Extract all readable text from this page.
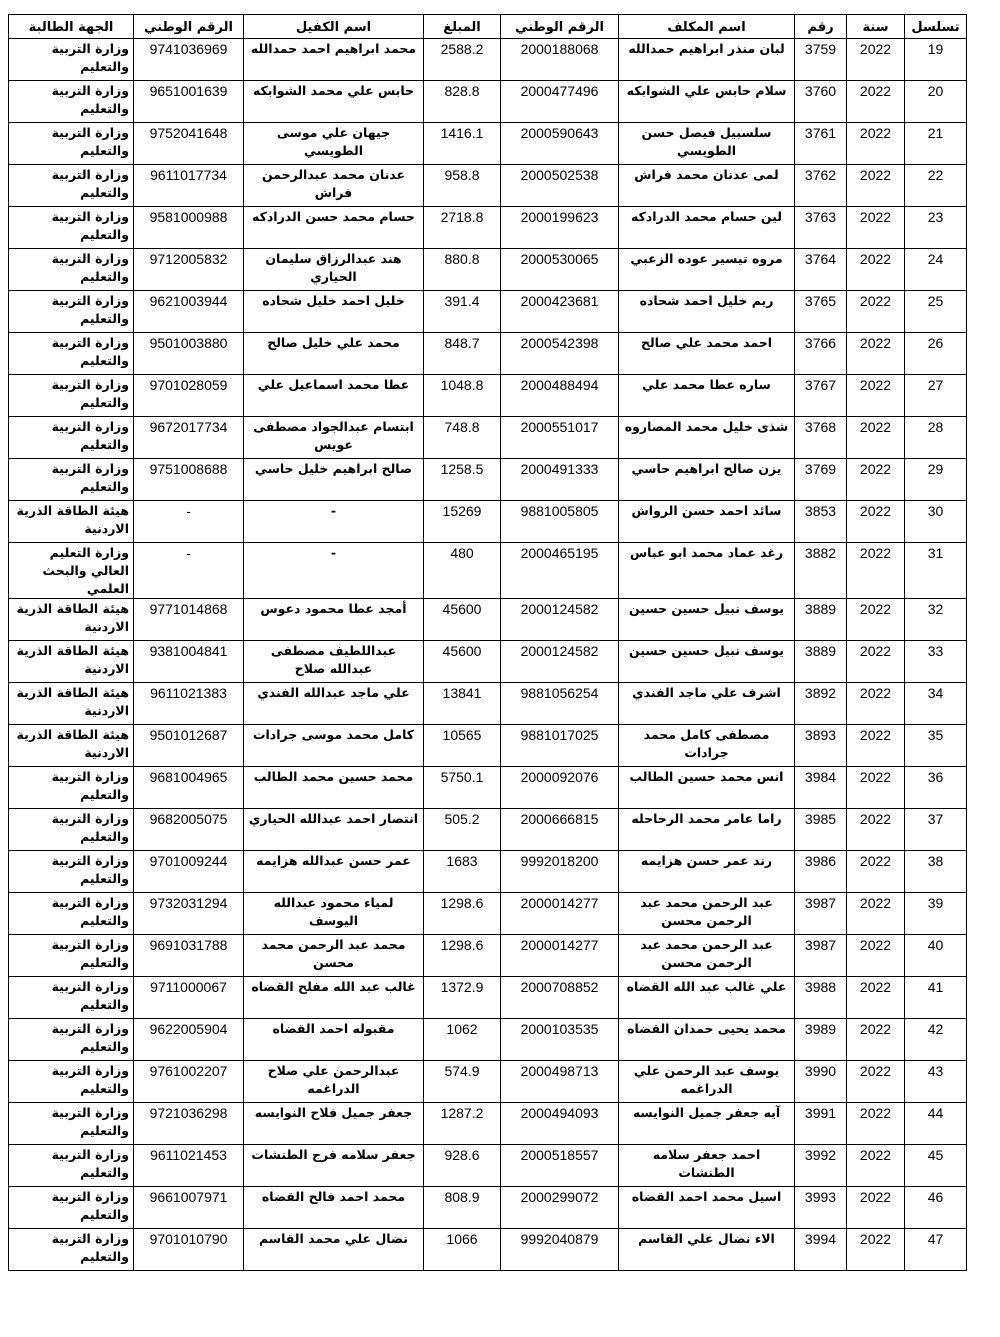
تسلسل	سنة	رقم	اسم المكلف	الرقم الوطني	المبلغ	اسم الكفيل	الرقم الوطني	الجهة الطالبة
19	2022	3759	لبان منذر ابراهيم حمدالله	2000188068	2588.2	محمد ابراهيم احمد حمدالله	9741036969	وزارة التربية والتعليم
20	2022	3760	سلام حابس علي الشوابكه	2000477496	828.8	حابس علي محمد الشوابكه	9651001639	وزارة التربية والتعليم
21	2022	3761	سلسبيل فيصل حسن الطويسي	2000590643	1416.1	جيهان علي موسى الطويسي	9752041648	وزارة التربية والتعليم
22	2022	3762	لمى عدنان محمد فراش	2000502538	958.8	عدنان محمد عبدالرحمن فراش	9611017734	وزارة التربية والتعليم
23	2022	3763	لين حسام محمد الدرادكه	2000199623	2718.8	حسام محمد حسن الدرادكه	9581000988	وزارة التربية والتعليم
24	2022	3764	مروه تيسير عوده الزعبي	2000530065	880.8	هند عبدالرزاق سليمان الحياري	9712005832	وزارة التربية والتعليم
25	2022	3765	ريم خليل احمد شحاده	2000423681	391.4	خليل احمد خليل شحاده	9621003944	وزارة التربية والتعليم
26	2022	3766	احمد محمد علي صالح	2000542398	848.7	محمد علي خليل صالح	9501003880	وزارة التربية والتعليم
27	2022	3767	ساره عطا محمد علي	2000488494	1048.8	عطا محمد اسماعيل علي	9701028059	وزارة التربية والتعليم
28	2022	3768	شذى خليل محمد المصاروه	2000551017	748.8	ابتسام عبدالجواد مصطفى عويس	9672017734	وزارة التربية والتعليم
29	2022	3769	يزن صالح ابراهيم حاسي	2000491333	1258.5	صالح ابراهيم خليل حاسي	9751008688	وزارة التربية والتعليم
30	2022	3853	سائد احمد حسن الرواش	9881005805	15269	-	-	هيئة الطاقة الذرية الاردنية
31	2022	3882	رغد عماد محمد ابو عباس	2000465195	480	-	-	وزارة التعليم العالي والبحث العلمي
32	2022	3889	يوسف نبيل حسين حسين	2000124582	45600	أمجد عطا محمود دعوس	9771014868	هيئة الطاقة الذرية الاردنية
33	2022	3889	يوسف نبيل حسين حسين	2000124582	45600	عبداللطيف مصطفى عبدالله صلاح	9381004841	هيئة الطاقة الذرية الاردنية
34	2022	3892	اشرف علي ماجد الفندي	9881056254	13841	علي ماجد عبدالله الفندي	9611021383	هيئة الطاقة الذرية الاردنية
35	2022	3893	مصطفى كامل محمد جرادات	9881017025	10565	كامل محمد موسى جرادات	9501012687	هيئة الطاقة الذرية الاردنية
36	2022	3984	انس محمد حسين الطالب	2000092076	5750.1	محمد حسين محمد الطالب	9681004965	وزارة التربية والتعليم
37	2022	3985	راما عامر محمد الرحاحله	2000666815	505.2	انتصار احمد عبدالله الحياري	9682005075	وزارة التربية والتعليم
38	2022	3986	رند عمر حسن هزايمه	9992018200	1683	عمر حسن عبدالله هزايمه	9701009244	وزارة التربية والتعليم
39	2022	3987	عبد الرحمن محمد عبد الرحمن محسن	2000014277	1298.6	لمياء محمود عبدالله اليوسف	9732031294	وزارة التربية والتعليم
40	2022	3987	عبد الرحمن محمد عبد الرحمن محسن	2000014277	1298.6	محمد عبد الرحمن محمد محسن	9691031788	وزارة التربية والتعليم
41	2022	3988	علي غالب عبد الله القضاه	2000708852	1372.9	غالب عبد الله مفلح القضاه	9711000067	وزارة التربية والتعليم
42	2022	3989	محمد يحيى حمدان القضاه	2000103535	1062	مقبوله احمد القضاه	9622005904	وزارة التربية والتعليم
43	2022	3990	يوسف عبد الرحمن علي الدراغمه	2000498713	574.9	عبدالرحمن علي صلاح الدراغمه	9761002207	وزارة التربية والتعليم
44	2022	3991	آيه جعفر جميل النوايسه	2000494093	1287.2	جعفر جميل فلاح النوايسه	9721036298	وزارة التربية والتعليم
45	2022	3992	احمد جعفر سلامه الطنشات	2000518557	928.6	جعفر سلامه فرج الطنشات	9611021453	وزارة التربية والتعليم
46	2022	3993	اسيل محمد احمد القضاه	2000299072	808.9	محمد احمد فالح القضاه	9661007971	وزارة التربية والتعليم
47	2022	3994	الاء نضال علي القاسم	9992040879	1066	نضال علي محمد القاسم	9701010790	وزارة التربية والتعليم
